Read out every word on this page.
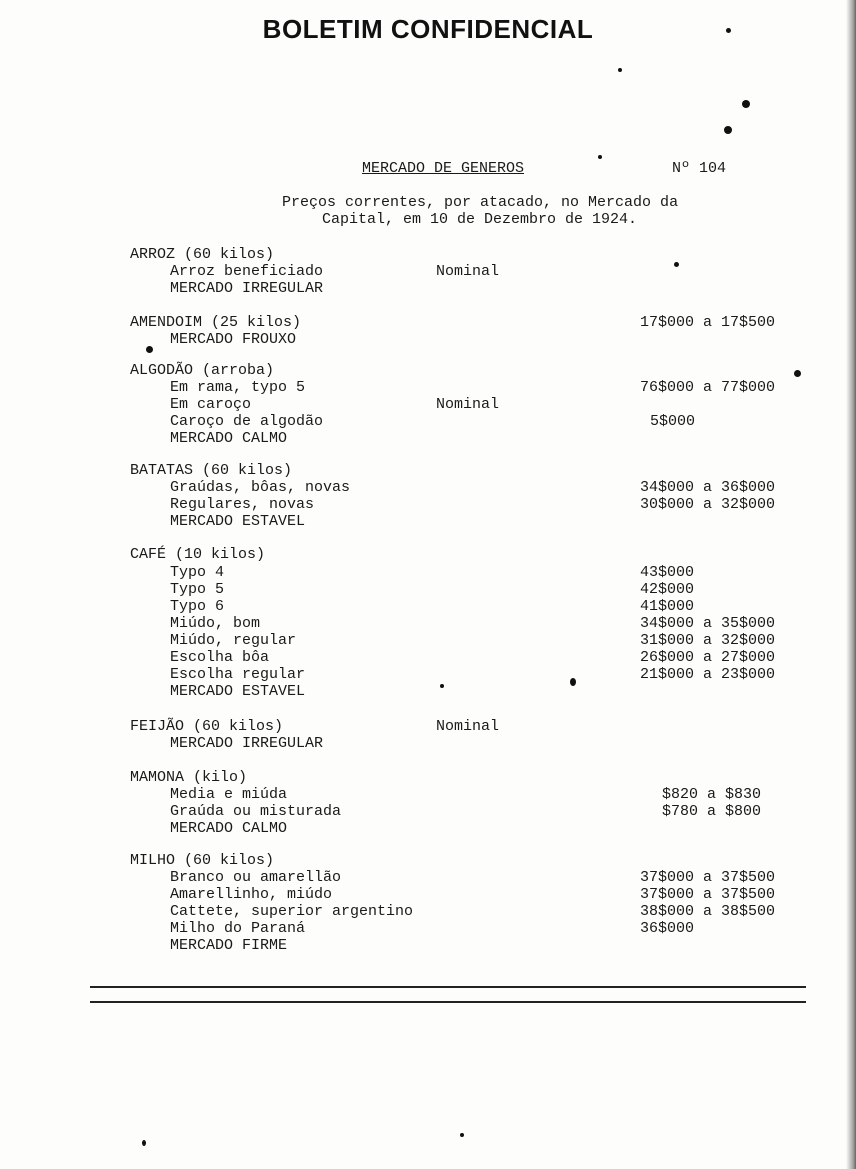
BOLETIM CONFIDENCIAL
MERCADO DE GENEROS	Nº 104
Preços correntes, por atacado, no Mercado da
Capital, em 10 de Dezembro de 1924.
ARROZ (60 kilos)
Arroz beneficiado	Nominal
MERCADO IRREGULAR
AMENDOIM (25 kilos)	17$000 a 17$500
MERCADO FROUXO
ALGODÃO (arroba)
Em rama, typo 5	76$000 a 77$000
Em caroço	Nominal
Caroço de algodão	5$000
MERCADO CALMO
BATATAS (60 kilos)
Graúdas, bôas, novas	34$000 a 36$000
Regulares, novas	30$000 a 32$000
MERCADO ESTAVEL
CAFÉ (10 kilos)
Typo 4	43$000
Typo 5	42$000
Typo 6	41$000
Miúdo, bom	34$000 a 35$000
Miúdo, regular	31$000 a 32$000
Escolha bôa	26$000 a 27$000
Escolha regular	21$000 a 23$000
MERCADO ESTAVEL
FEIJÃO (60 kilos)	Nominal
MERCADO IRREGULAR
MAMONA (kilo)
Media e miúda	$820 a $830
Graúda ou misturada	$780 a $800
MERCADO CALMO
MILHO (60 kilos)
Branco ou amarellão	37$000 a 37$500
Amarellinho, miúdo	37$000 a 37$500
Cattete, superior argentino	38$000 a 38$500
Milho do Paraná	36$000
MERCADO FIRME
